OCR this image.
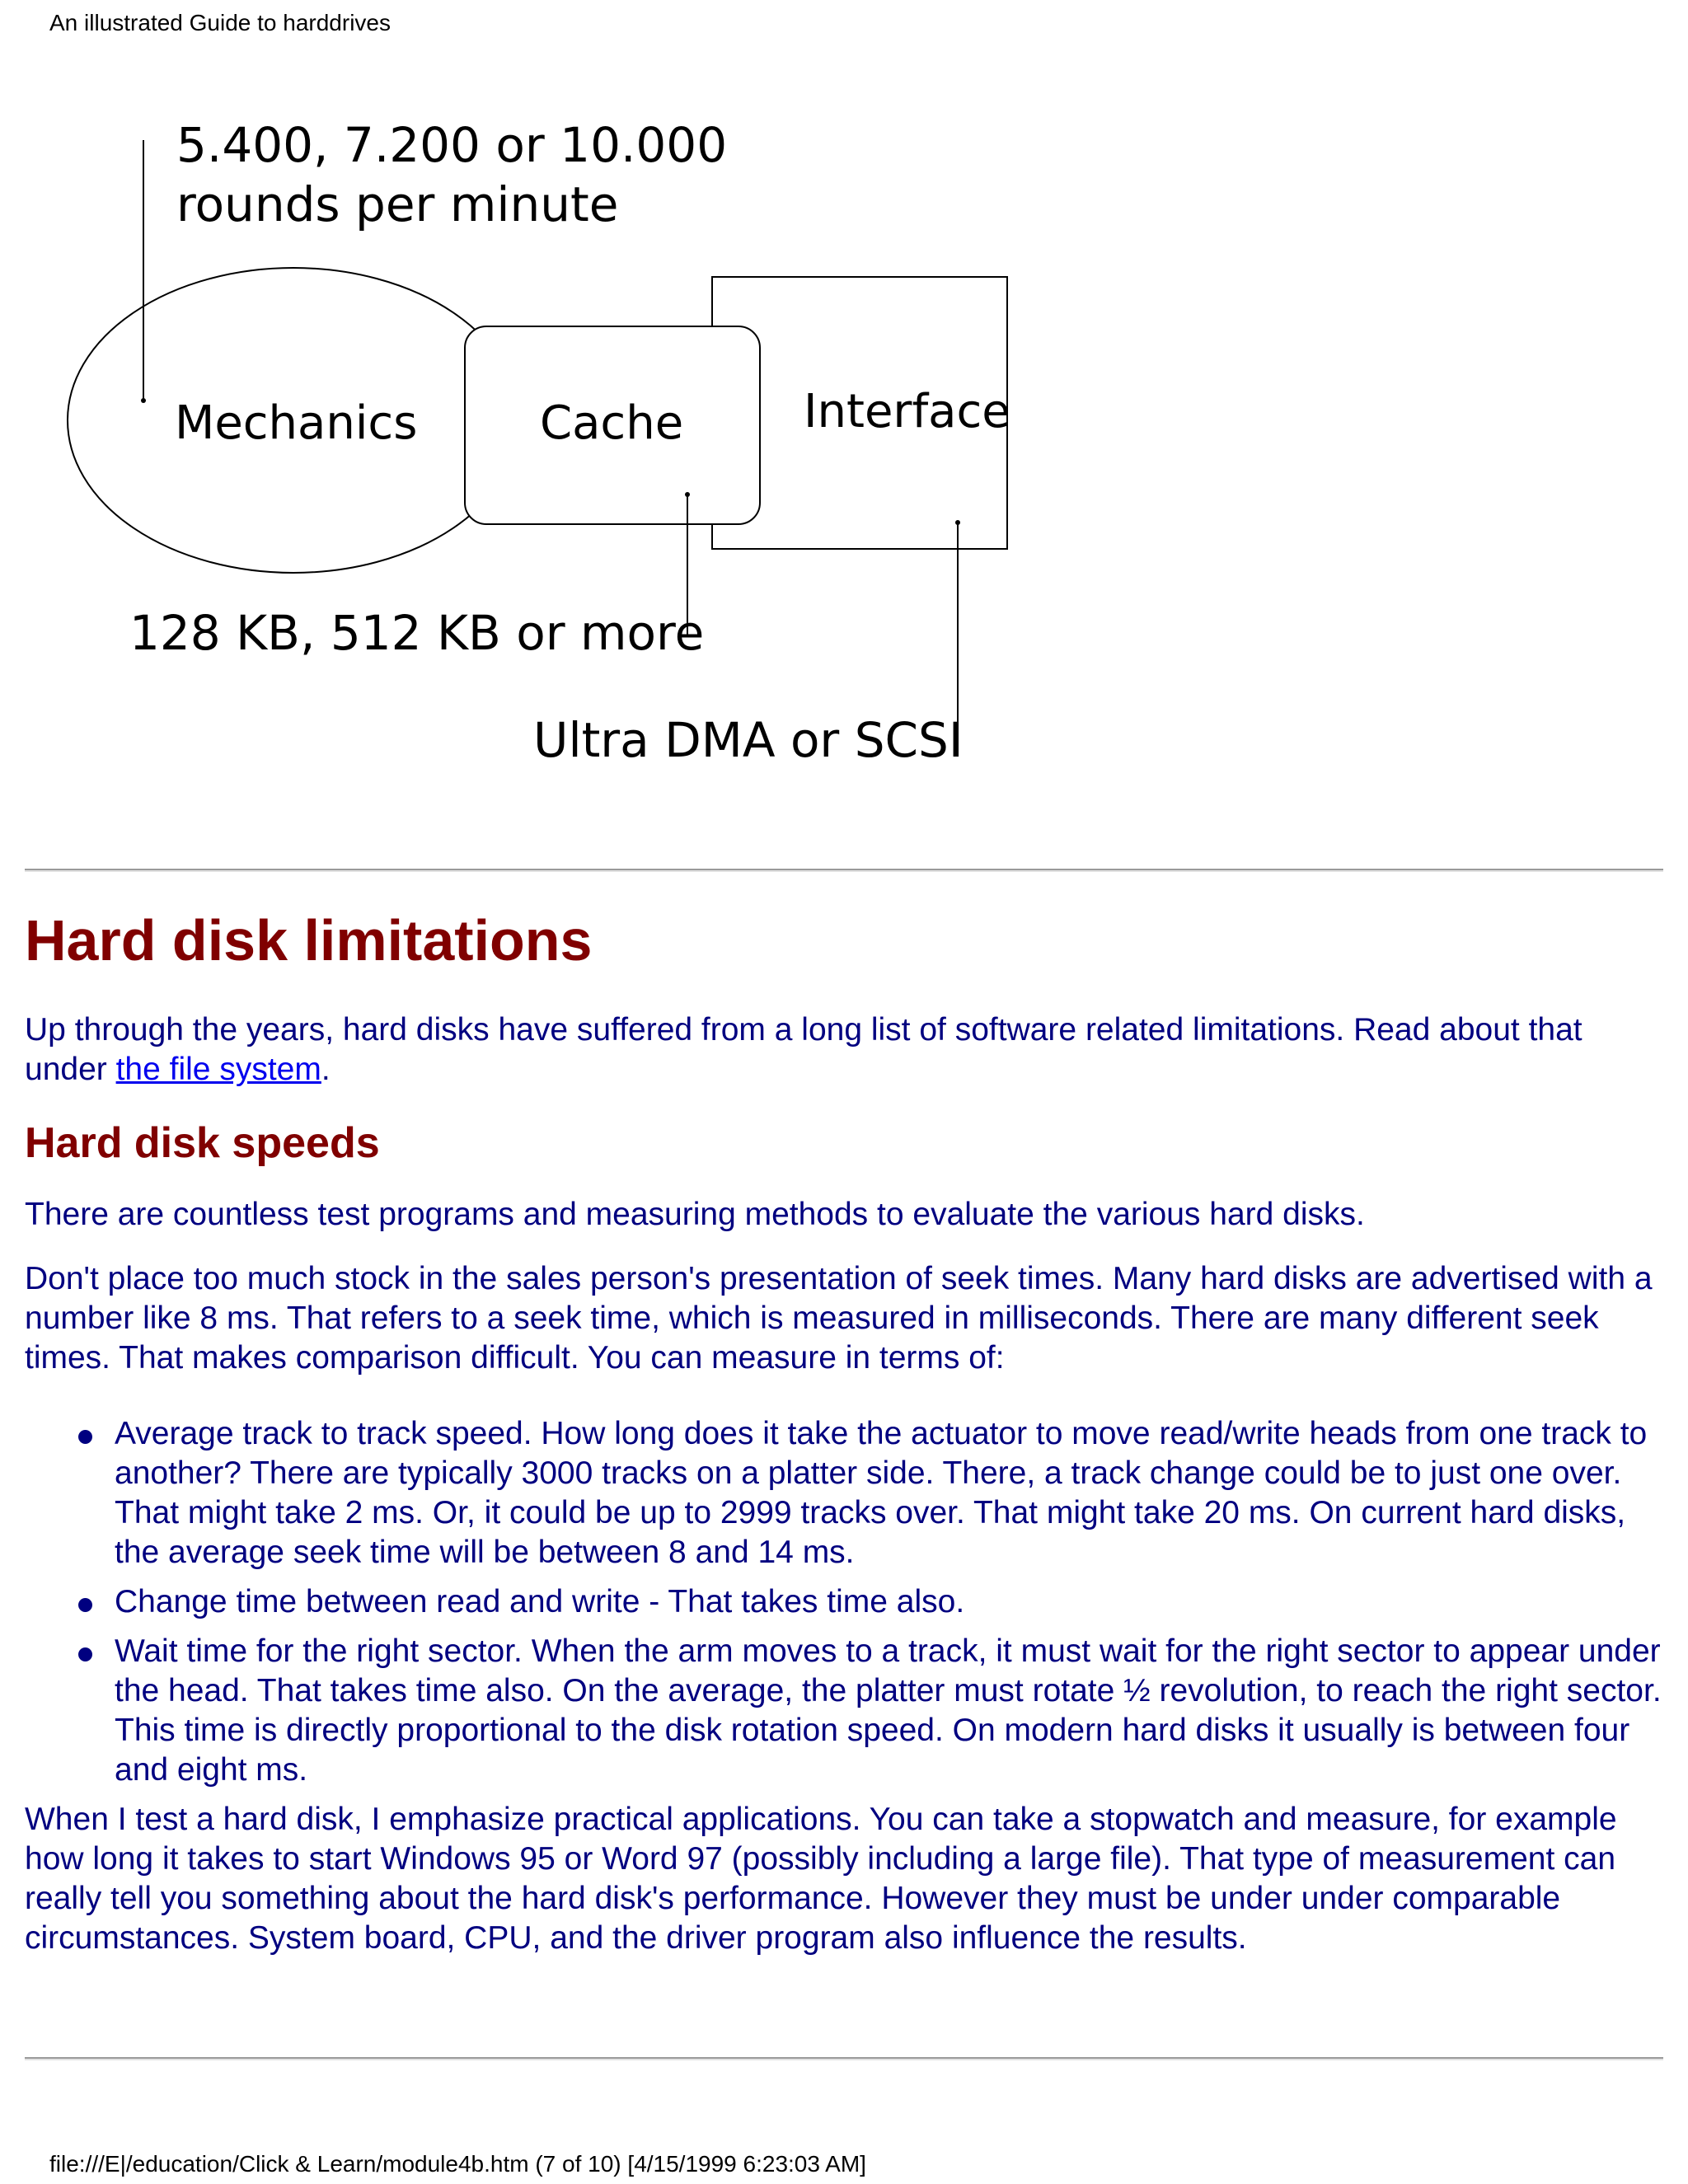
An illustrated Guide to harddrives

5.400, 7.200 or 10.000
rounds per minute
Mechanics	Cache	Interface
128 KB, 512 KB or more
Ultra DMA or SCSI
Hard disk limitations

Up through the years, hard disks have suffered from a long list of software related limitations. Read about that under the file system.

Hard disk speeds

There are countless test programs and measuring methods to evaluate the various hard disks.

Don't place too much stock in the sales person's presentation of seek times. Many hard disks are advertised with a number like 8 ms. That refers to a seek time, which is measured in milliseconds. There are many different seek times. That makes comparison difficult. You can measure in terms of:

Average track to track speed. How long does it take the actuator to move read/write heads from one track to another? There are typically 3000 tracks on a platter side. There, a track change could be to just one over. That might take 2 ms. Or, it could be up to 2999 tracks over. That might take 20 ms. On current hard disks, the average seek time will be between 8 and 14 ms.
Change time between read and write - That takes time also.
Wait time for the right sector. When the arm moves to a track, it must wait for the right sector to appear under the head. That takes time also. On the average, the platter must rotate ½ revolution, to reach the right sector. This time is directly proportional to the disk rotation speed. On modern hard disks it usually is between four and eight ms.

When I test a hard disk, I emphasize practical applications. You can take a stopwatch and measure, for example how long it takes to start Windows 95 or Word 97 (possibly including a large file). That type of measurement can really tell you something about the hard disk's performance. However they must be under under comparable circumstances. System board, CPU, and the driver program also influence the results.

file:///E|/education/Click & Learn/module4b.htm (7 of 10) [4/15/1999 6:23:03 AM]
